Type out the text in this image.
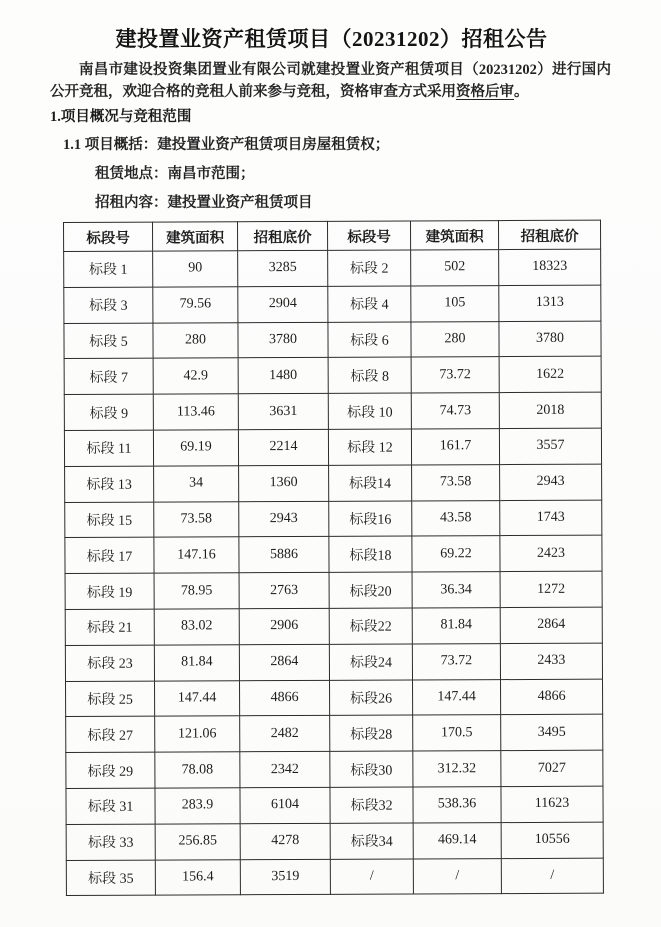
建投置业资产租赁项目（20231202）招租公告

南昌市建设投资集团置业有限公司就建投置业资产租赁项目（20231202）进行国内公开竞租，欢迎合格的竞租人前来参与竞租，资格审查方式采用资格后审。

1.项目概况与竞租范围
1.1 项目概括：建投置业资产租赁项目房屋租赁权；
租赁地点：南昌市范围；
招租内容：建投置业资产租赁项目
标段号	建筑面积	招租底价	标段号	建筑面积	招租底价
标段 1	90	3285	标段 2	502	18323
标段 3	79.56	2904	标段 4	105	1313
标段 5	280	3780	标段 6	280	3780
标段 7	42.9	1480	标段 8	73.72	1622
标段 9	113.46	3631	标段 10	74.73	2018
标段 11	69.19	2214	标段 12	161.7	3557
标段 13	34	1360	标段14	73.58	2943
标段 15	73.58	2943	标段16	43.58	1743
标段 17	147.16	5886	标段18	69.22	2423
标段 19	78.95	2763	标段20	36.34	1272
标段 21	83.02	2906	标段22	81.84	2864
标段 23	81.84	2864	标段24	73.72	2433
标段 25	147.44	4866	标段26	147.44	4866
标段 27	121.06	2482	标段28	170.5	3495
标段 29	78.08	2342	标段30	312.32	7027
标段 31	283.9	6104	标段32	538.36	11623
标段 33	256.85	4278	标段34	469.14	10556
标段 35	156.4	3519	/	/	/
